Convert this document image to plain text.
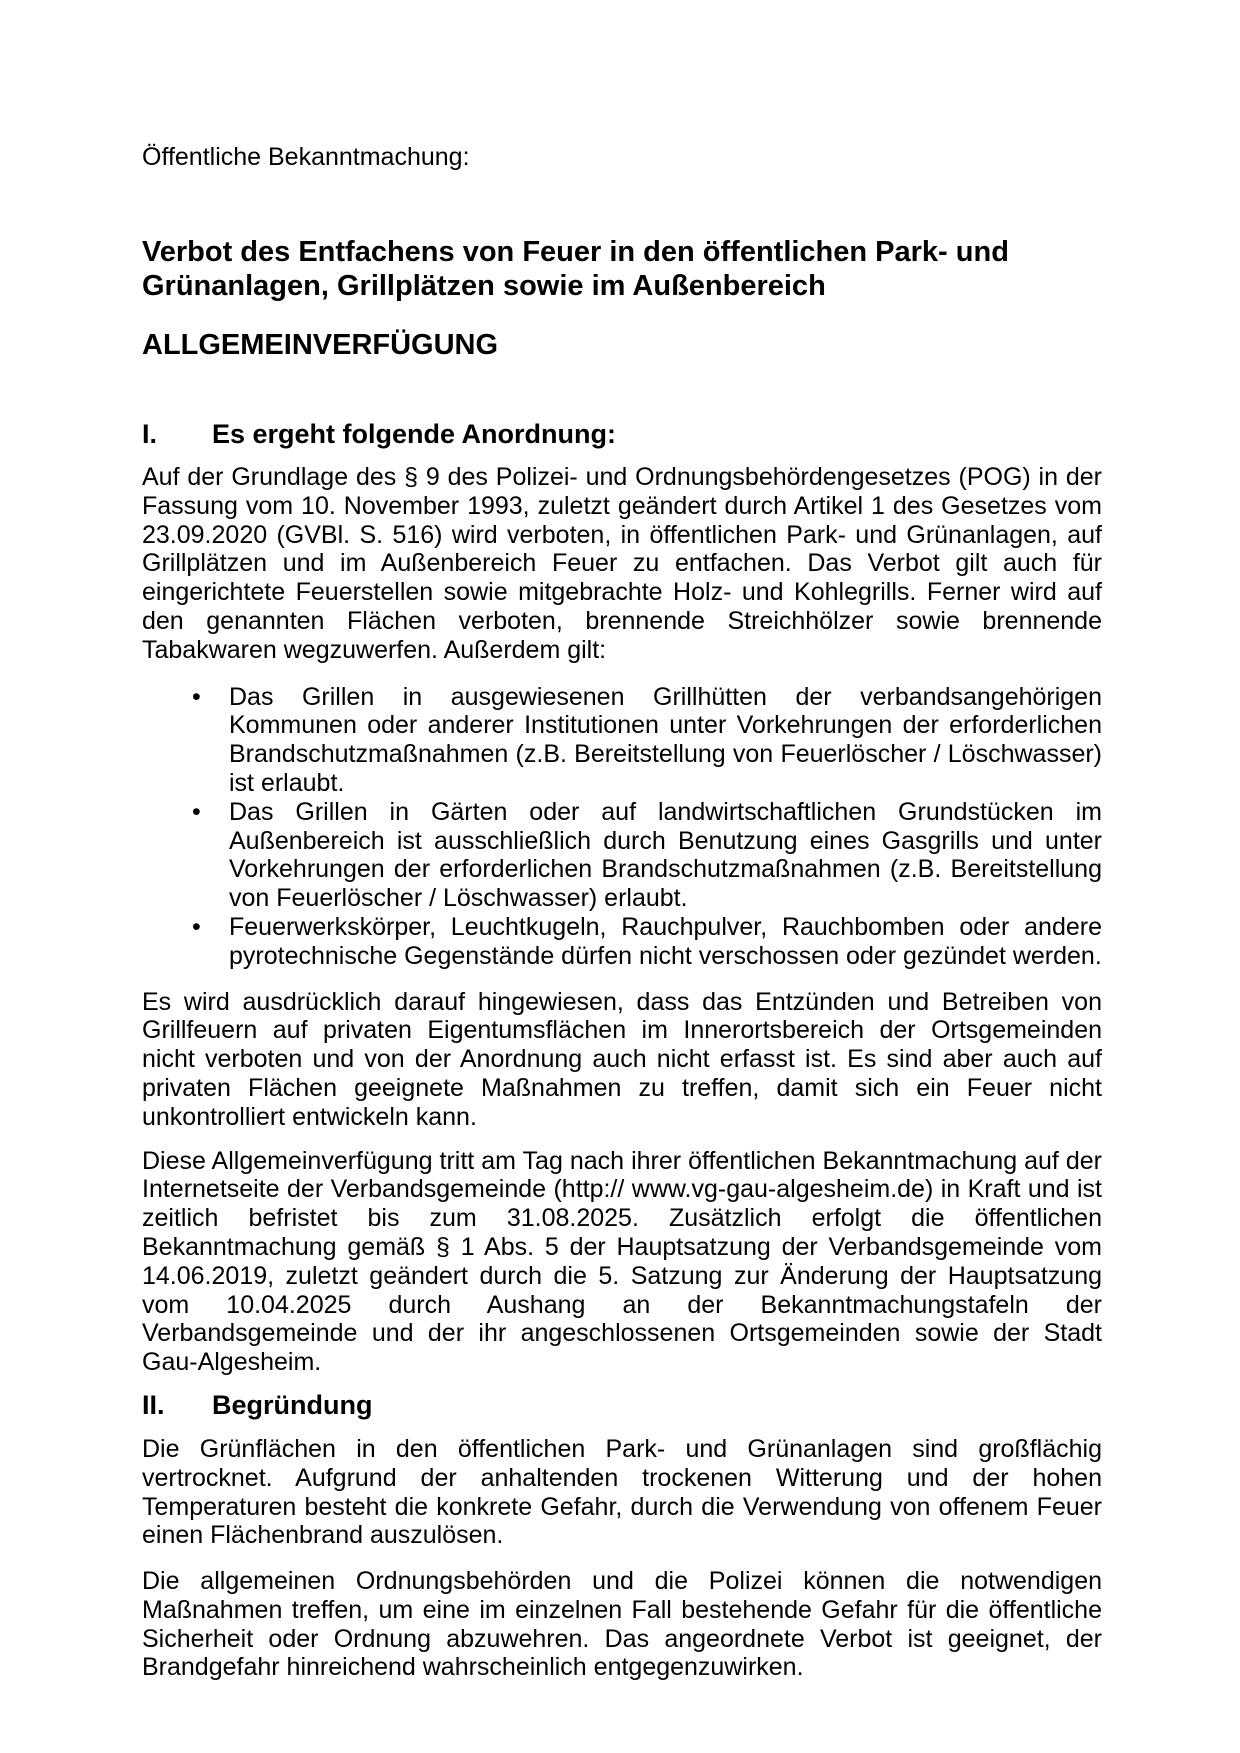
Öffentliche Bekanntmachung:
Verbot des Entfachens von Feuer in den öffentlichen Park- und Grünanlagen, Grillplätzen sowie im Außenbereich
ALLGEMEINVERFÜGUNG
I.	Es ergeht folgende Anordnung:

Auf der Grundlage des § 9 des Polizei- und Ordnungsbehördengesetzes (POG) in der Fassung vom 10. November 1993, zuletzt geändert durch Artikel 1 des Gesetzes vom 23.09.2020 (GVBl. S. 516) wird verboten, in öffentlichen Park- und Grünanlagen, auf Grillplätzen und im Außenbereich Feuer zu entfachen. Das Verbot gilt auch für eingerichtete Feuerstellen sowie mitgebrachte Holz- und Kohlegrills. Ferner wird auf den genannten Flächen verboten, brennende Streichhölzer sowie brennende Tabakwaren wegzuwerfen. Außerdem gilt:

• Das Grillen in ausgewiesenen Grillhütten der verbandsangehörigen Kommunen oder anderer Institutionen unter Vorkehrungen der erforderlichen Brandschutzmaßnahmen (z.B. Bereitstellung von Feuerlöscher / Löschwasser) ist erlaubt.
• Das Grillen in Gärten oder auf landwirtschaftlichen Grundstücken im Außenbereich ist ausschließlich durch Benutzung eines Gasgrills und unter Vorkehrungen der erforderlichen Brandschutzmaßnahmen (z.B. Bereitstellung von Feuerlöscher / Löschwasser) erlaubt.
• Feuerwerkskörper, Leuchtkugeln, Rauchpulver, Rauchbomben oder andere pyrotechnische Gegenstände dürfen nicht verschossen oder gezündet werden.

Es wird ausdrücklich darauf hingewiesen, dass das Entzünden und Betreiben von Grillfeuern auf privaten Eigentumsflächen im Innerortsbereich der Ortsgemeinden nicht verboten und von der Anordnung auch nicht erfasst ist. Es sind aber auch auf privaten Flächen geeignete Maßnahmen zu treffen, damit sich ein Feuer nicht unkontrolliert entwickeln kann.

Diese Allgemeinverfügung tritt am Tag nach ihrer öffentlichen Bekanntmachung auf der Internetseite der Verbandsgemeinde (http:// www.vg-gau-algesheim.de) in Kraft und ist zeitlich befristet bis zum 31.08.2025. Zusätzlich erfolgt die öffentlichen Bekanntmachung gemäß § 1 Abs. 5 der Hauptsatzung der Verbandsgemeinde vom 14.06.2019, zuletzt geändert durch die 5. Satzung zur Änderung der Hauptsatzung vom 10.04.2025 durch Aushang an der Bekanntmachungstafeln der Verbandsgemeinde und der ihr angeschlossenen Ortsgemeinden sowie der Stadt Gau-Algesheim.

II.	Begründung

Die Grünflächen in den öffentlichen Park- und Grünanlagen sind großflächig vertrocknet. Aufgrund der anhaltenden trockenen Witterung und der hohen Temperaturen besteht die konkrete Gefahr, durch die Verwendung von offenem Feuer einen Flächenbrand auszulösen.

Die allgemeinen Ordnungsbehörden und die Polizei können die notwendigen Maßnahmen treffen, um eine im einzelnen Fall bestehende Gefahr für die öffentliche Sicherheit oder Ordnung abzuwehren. Das angeordnete Verbot ist geeignet, der Brandgefahr hinreichend wahrscheinlich entgegenzuwirken.
